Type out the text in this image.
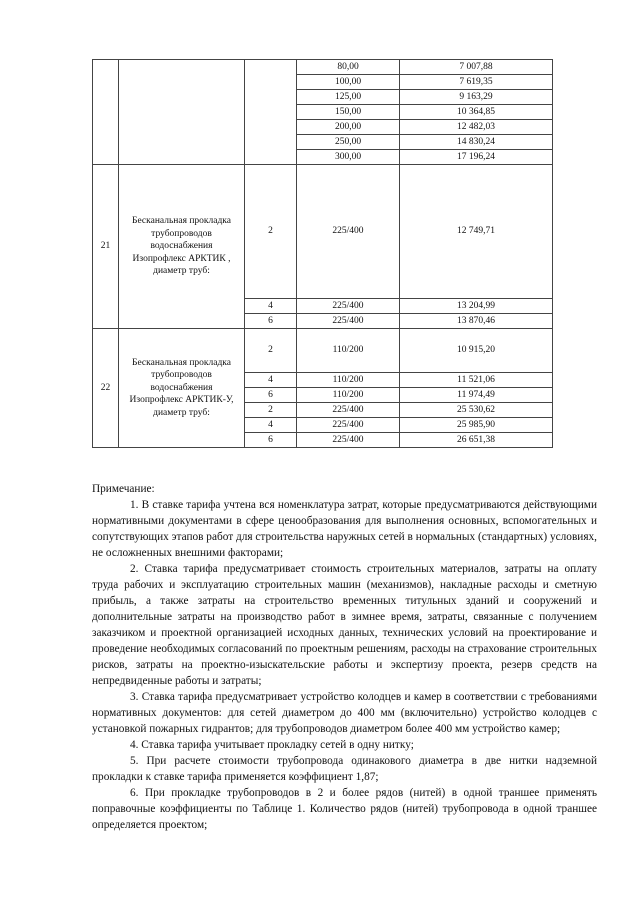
			80,00	7 007,88
			100,00	7 619,35
			125,00	9 163,29
			150,00	10 364,85
			200,00	12 482,03
			250,00	14 830,24
			300,00	17 196,24
21	Бесканальная прокладка трубопроводов водоснабжения Изопрофлекс АРКТИК , диаметр труб:	2	225/400	12 749,71
		4	225/400	13 204,99
		6	225/400	13 870,46
22	Бесканальная прокладка трубопроводов водоснабжения Изопрофлекс АРКТИК-У, диаметр труб:	2	110/200	10 915,20
		4	110/200	11 521,06
		6	110/200	11 974,49
		2	225/400	25 530,62
		4	225/400	25 985,90
		6	225/400	26 651,38
Примечание:

1. В ставке тарифа учтена вся номенклатура затрат, которые предусматриваются действующими нормативными документами в сфере ценообразования для выполнения основных, вспомогательных и сопутствующих этапов работ для строительства наружных сетей в нормальных (стандартных) условиях, не осложненных внешними факторами;

2. Ставка тарифа предусматривает стоимость строительных материалов, затраты на оплату труда рабочих и эксплуатацию строительных машин (механизмов), накладные расходы и сметную прибыль, а также затраты на строительство временных титульных зданий и сооружений и дополнительные затраты на производство работ в зимнее время, затраты, связанные с получением заказчиком и проектной организацией исходных данных, технических условий на проектирование и проведение необходимых согласований по проектным решениям, расходы на страхование строительных рисков, затраты на проектно-изыскательские работы и экспертизу проекта, резерв средств на непредвиденные работы и затраты;

3. Ставка тарифа предусматривает устройство колодцев и камер в соответствии с требованиями нормативных документов: для сетей диаметром до 400 мм (включительно) устройство колодцев с установкой пожарных гидрантов; для трубопроводов диаметром более 400 мм устройство камер;

4. Ставка тарифа учитывает прокладку сетей в одну нитку;

5. При расчете стоимости трубопровода одинакового диаметра в две нитки надземной прокладки к ставке тарифа применяется коэффициент 1,87;

6. При прокладке трубопроводов в 2 и более рядов (нитей) в одной траншее применять поправочные коэффициенты по Таблице 1. Количество рядов (нитей) трубопровода в одной траншее определяется проектом;
